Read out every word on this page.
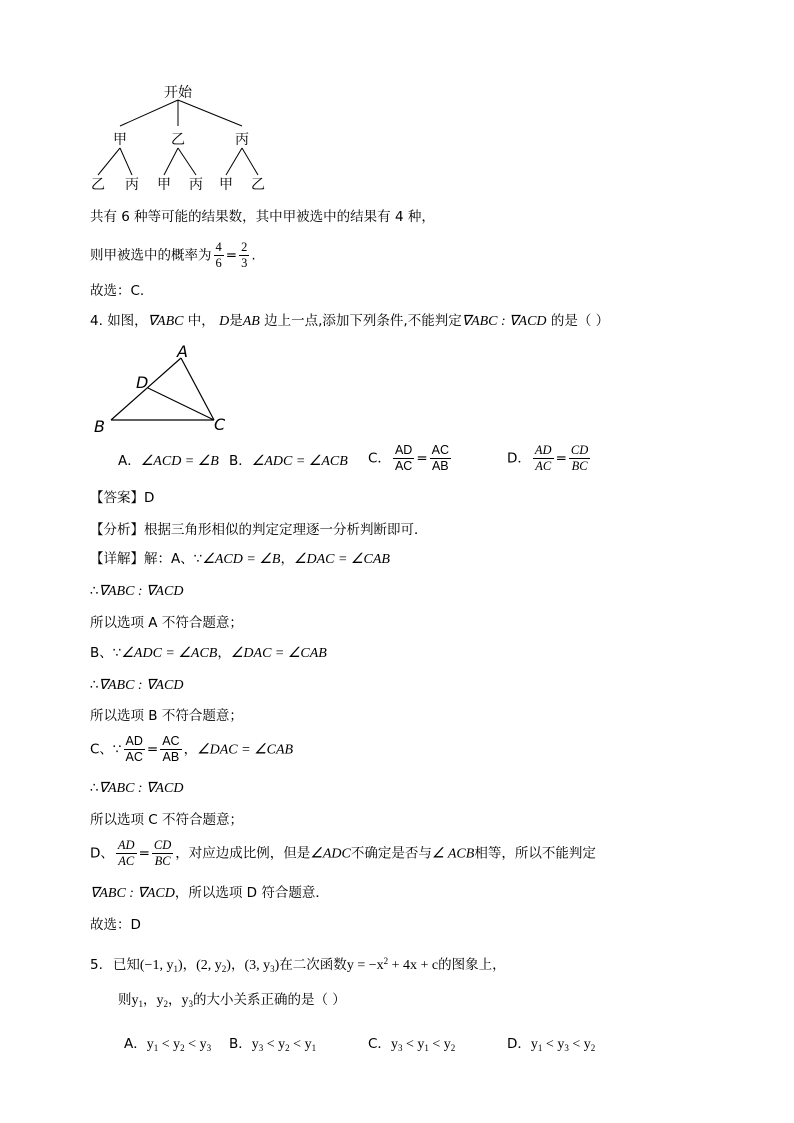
开始
甲	乙	丙
乙 丙 甲 丙 甲 乙
共有 6 种等可能的结果数，其中甲被选中的结果有 4 种，
则甲被选中的概率为 $\frac{4}{6} = \frac{2}{3}$ .
故选：C.
4. 如图，∇ABC 中， D是AB 边上一点,添加下列条件,不能判定∇ABC : ∇ACD 的是（ ）
A
D
B	C
A．∠ACD = ∠B B．∠ADC = ∠ACB C． $\frac{AD}{AC} = \frac{AC}{AB}$	D． $\frac{AD}{AC} = \frac{CD}{BC}$
【答案】D
【分析】根据三角形相似的判定定理逐一分析判断即可．
【详解】解：A、∵∠ACD = ∠B，∠DAC = ∠CAB
∴∇ABC : ∇ACD
所以选项 A 不符合题意；
B、∵∠ADC = ∠ACB，∠DAC = ∠CAB
∴∇ABC : ∇ACD
所以选项 B 不符合题意；
C、∵ $\frac{AD}{AC} = \frac{AC}{AB}$ ，∠DAC = ∠CAB
∴∇ABC : ∇ACD
所以选项 C 不符合题意；
D、 $\frac{AD}{AC} = \frac{CD}{BC}$ ，对应边成比例，但是∠ADC不确定是否与∠ ACB相等，所以不能判定
∇ABC : ∇ACD，所以选项 D 符合题意．
故选：D
5. 已知(−1, $y_1$)，(2, $y_2$)，(3, $y_3$)在二次函数$y = -x^2 + 4x + c$的图象上，
则$y_1$，$y_2$，$y_3$的大小关系正确的是（ ）
A．$y_1 < y_2 < y_3$ B．$y_3 < y_2 < y_1$	C．$y_3 < y_1 < y_2$	D．$y_1 < y_3 < y_2$
